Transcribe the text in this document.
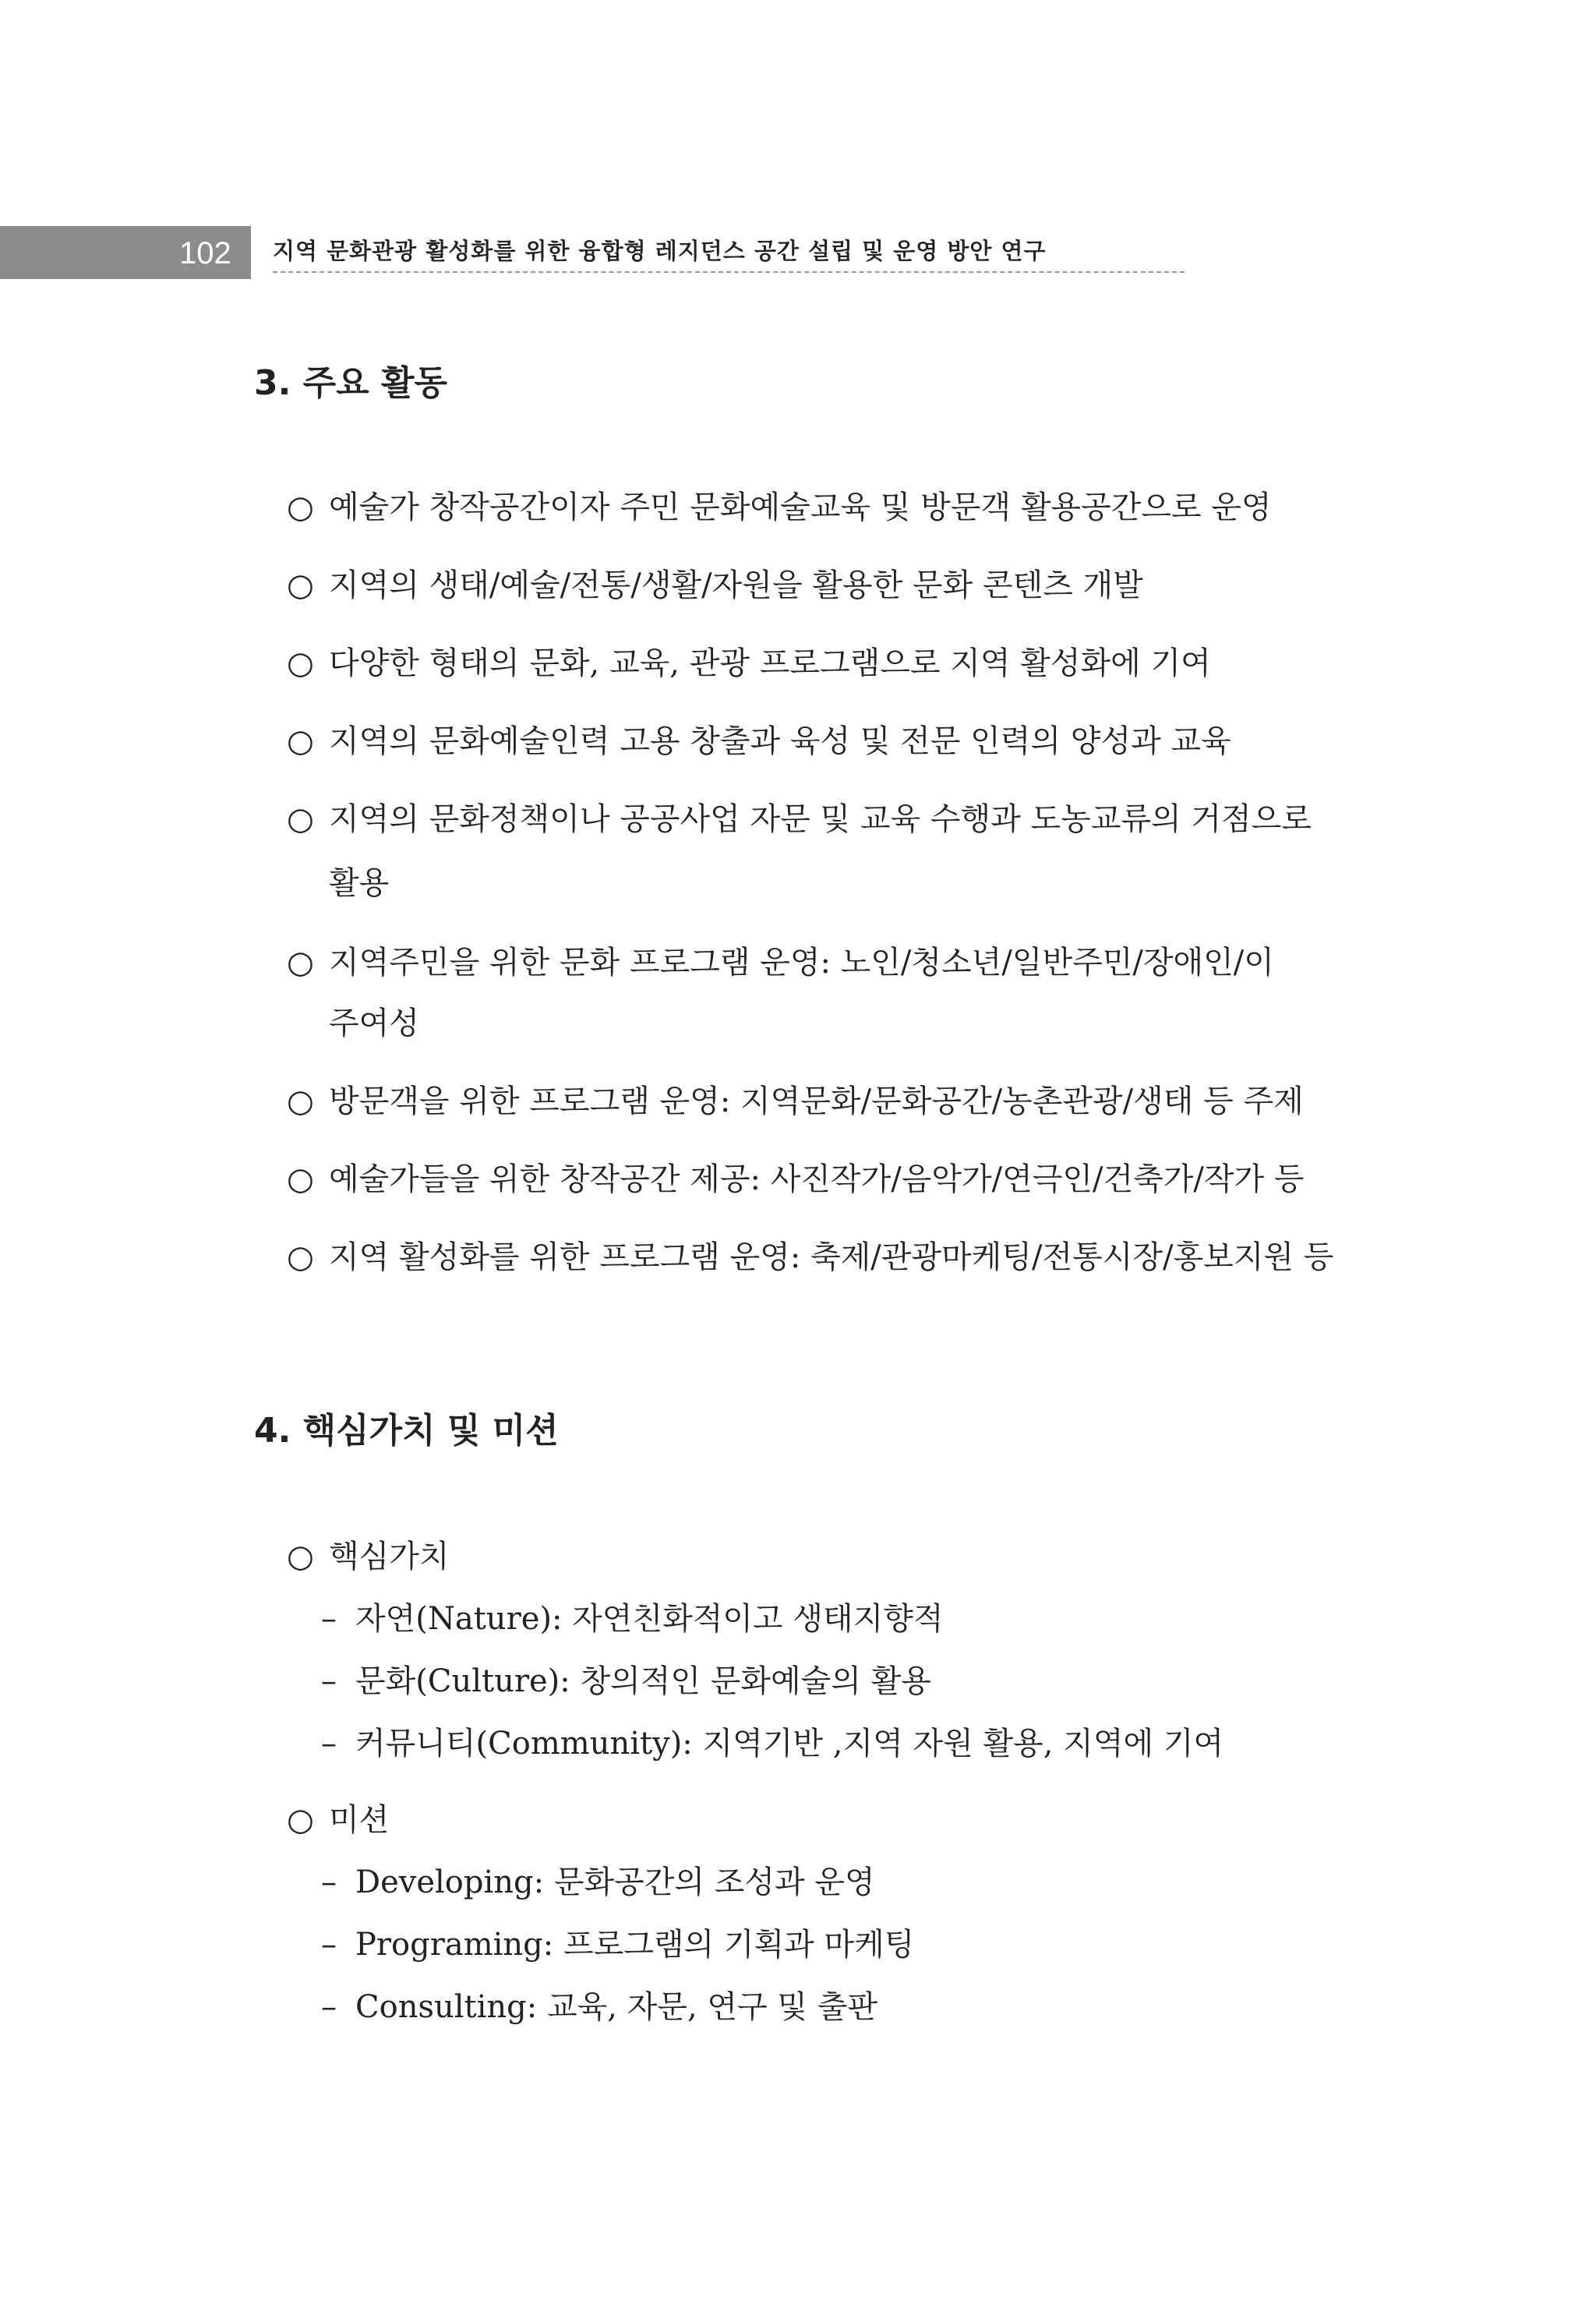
102	지역 문화관광 활성화를 위한 융합형 레지던스 공간 설립 및 운영 방안 연구
3. 주요 활동
○ 예술가 창작공간이자 주민 문화예술교육 및 방문객 활용공간으로 운영
○ 지역의 생태/예술/전통/생활/자원을 활용한 문화 콘텐츠 개발
○ 다양한 형태의 문화, 교육, 관광 프로그램으로 지역 활성화에 기여
○ 지역의 문화예술인력 고용 창출과 육성 및 전문 인력의 양성과 교육
○ 지역의 문화정책이나 공공사업 자문 및 교육 수행과 도농교류의 거점으로
활용
○ 지역주민을 위한 문화 프로그램 운영: 노인/청소년/일반주민/장애인/이
주여성
○ 방문객을 위한 프로그램 운영: 지역문화/문화공간/농촌관광/생태 등 주제
○ 예술가들을 위한 창작공간 제공: 사진작가/음악가/연극인/건축가/작가 등
○ 지역 활성화를 위한 프로그램 운영: 축제/관광마케팅/전통시장/홍보지원 등
4. 핵심가치 및 미션
○ 핵심가치
– 자연(Nature): 자연친화적이고 생태지향적
– 문화(Culture): 창의적인 문화예술의 활용
– 커뮤니티(Community): 지역기반 ,지역 자원 활용, 지역에 기여
○ 미션
– Developing: 문화공간의 조성과 운영
– Programing: 프로그램의 기획과 마케팅
– Consulting: 교육, 자문, 연구 및 출판
